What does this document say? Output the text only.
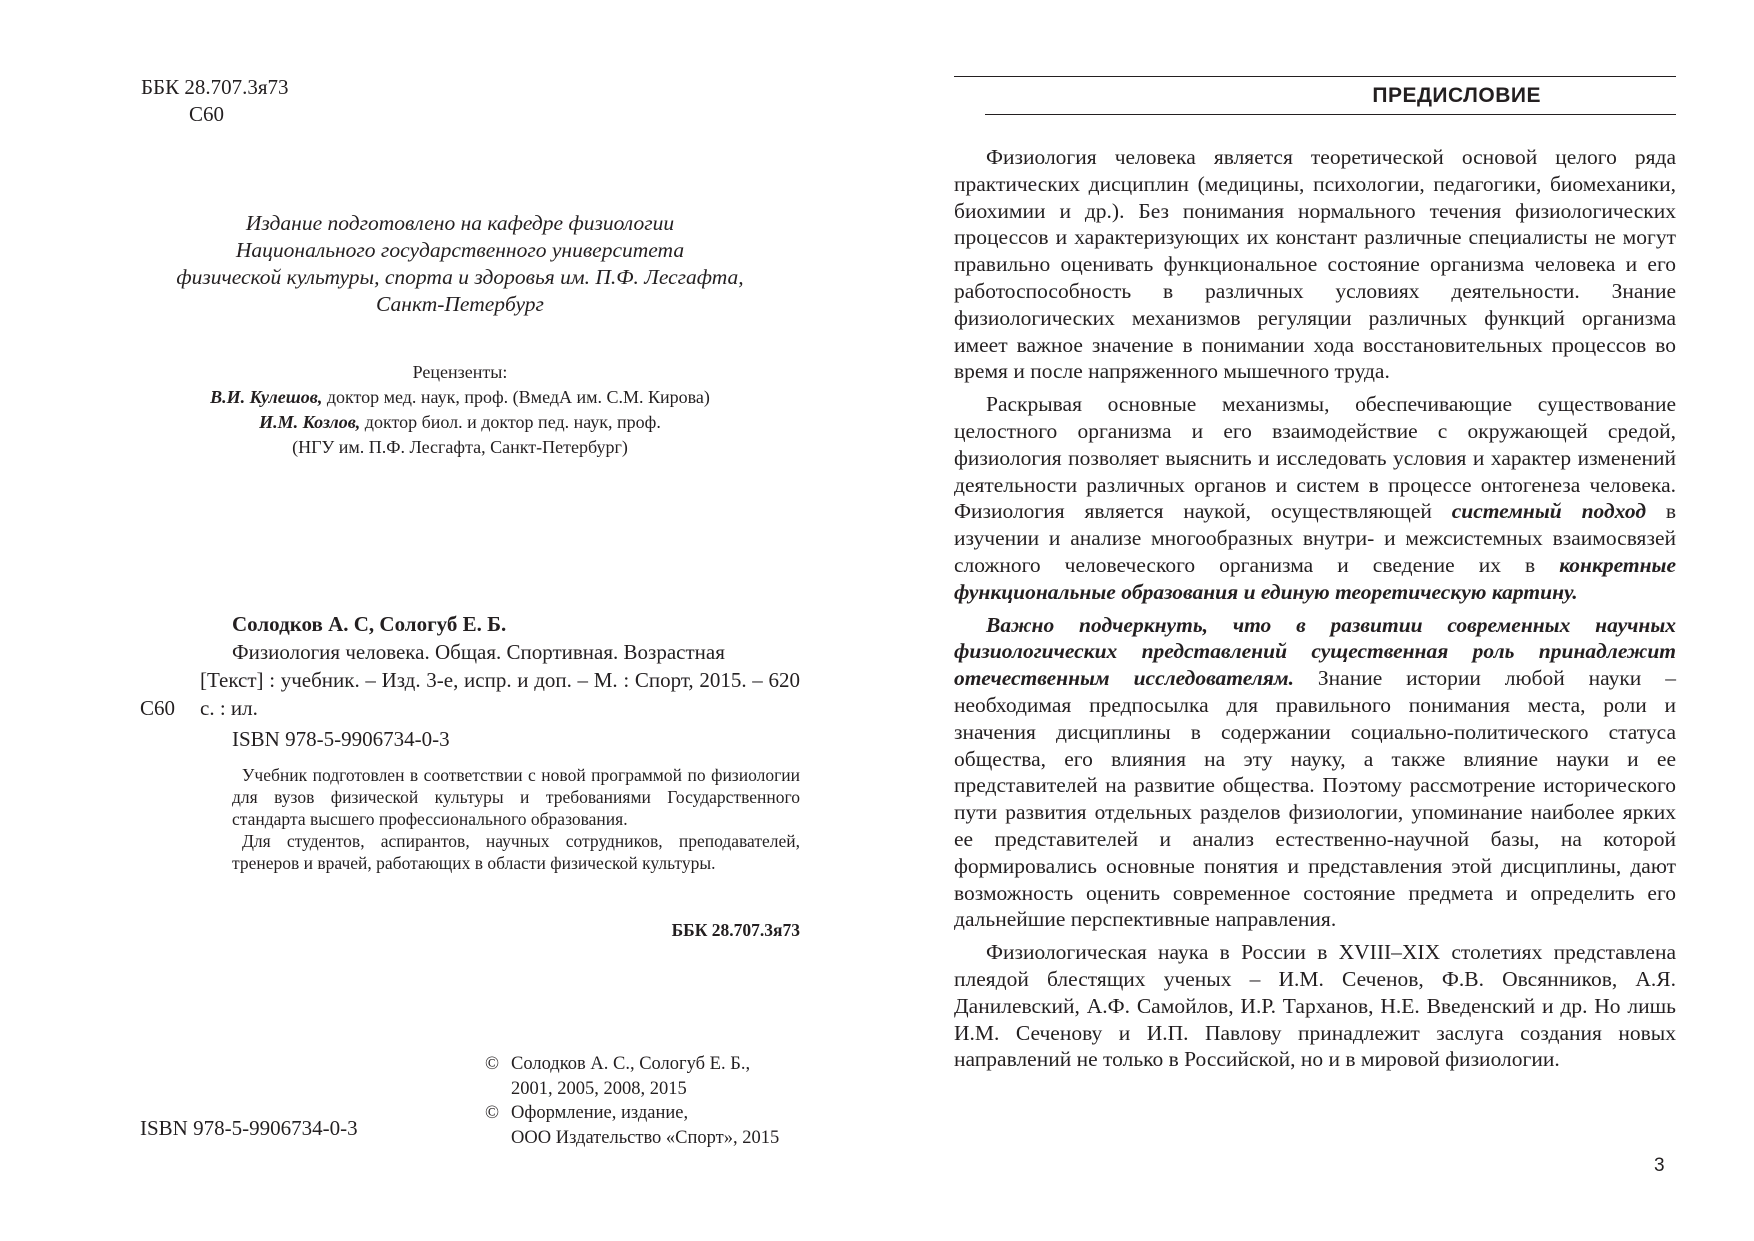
ББК 28.707.3я73
С60
Издание подготовлено на кафедре физиологии
Национального государственного университета
физической культуры, спорта и здоровья им. П.Ф. Лесгафта,
Санкт-Петербург
Рецензенты:
В.И. Кулешов, доктор мед. наук, проф. (ВмедА им. С.М. Кирова)
И.М. Козлов, доктор биол. и доктор пед. наук, проф.
(НГУ им. П.Ф. Лесгафта, Санкт-Петербург)
Солодков А. С, Сологуб Е. Б.
С60
Физиология человека. Общая. Спортивная. Возрастная
[Текст] : учебник. – Изд. 3-е, испр. и доп. – М. : Спорт, 2015. – 620 с. : ил.
ISBN 978-5-9906734-0-3

Учебник подготовлен в соответствии с новой программой по физиологии для вузов физической культуры и требованиями Государственного стандарта высшего профессионального образования.

Для студентов, аспирантов, научных сотрудников, преподавателей, тренеров и врачей, работающих в области физической культуры.

ББК 28.707.3я73
© Солодков А. С., Сологуб Е. Б.,
2001, 2005, 2008, 2015
© Оформление, издание,
ООО Издательство «Спорт», 2015
ISBN 978-5-9906734-0-3
ПРЕДИСЛОВИЕ

Физиология человека является теоретической основой целого ряда практических дисциплин (медицины, психологии, педагогики, биомеханики, биохимии и др.). Без понимания нормального течения физиологических процессов и характеризующих их констант различные специалисты не могут правильно оценивать функциональное состояние организма человека и его работоспособность в различных условиях деятельности. Знание физиологических механизмов регуляции различных функций организма имеет важное значение в понимании хода восстановительных процессов во время и после напряженного мышечного труда.

Раскрывая основные механизмы, обеспечивающие существование целостного организма и его взаимодействие с окружающей средой, физиология позволяет выяснить и исследовать условия и характер изменений деятельности различных органов и систем в процессе онтогенеза человека. Физиология является наукой, осуществляющей системный подход в изучении и анализе многообразных внутри- и межсистемных взаимосвязей сложного человеческого организма и сведение их в конкретные функциональные образования и единую теоретическую картину.

Важно подчеркнуть, что в развитии современных научных физиологических представлений существенная роль принадлежит отечественным исследователям. Знание истории любой науки – необходимая предпосылка для правильного понимания места, роли и значения дисциплины в содержании социально-политического статуса общества, его влияния на эту науку, а также влияние науки и ее представителей на развитие общества. Поэтому рассмотрение исторического пути развития отдельных разделов физиологии, упоминание наиболее ярких ее представителей и анализ естественно-научной базы, на которой формировались основные понятия и представления этой дисциплины, дают возможность оценить современное состояние предмета и определить его дальнейшие перспективные направления.

Физиологическая наука в России в XVIII–XIX столетиях представлена плеядой блестящих ученых – И.М. Сеченов, Ф.В. Овсянников, А.Я. Данилевский, А.Ф. Самойлов, И.Р. Тарханов, Н.Е. Введенский и др. Но лишь И.М. Сеченову и И.П. Павлову принадлежит заслуга создания новых направлений не только в Российской, но и в мировой физиологии.

3
